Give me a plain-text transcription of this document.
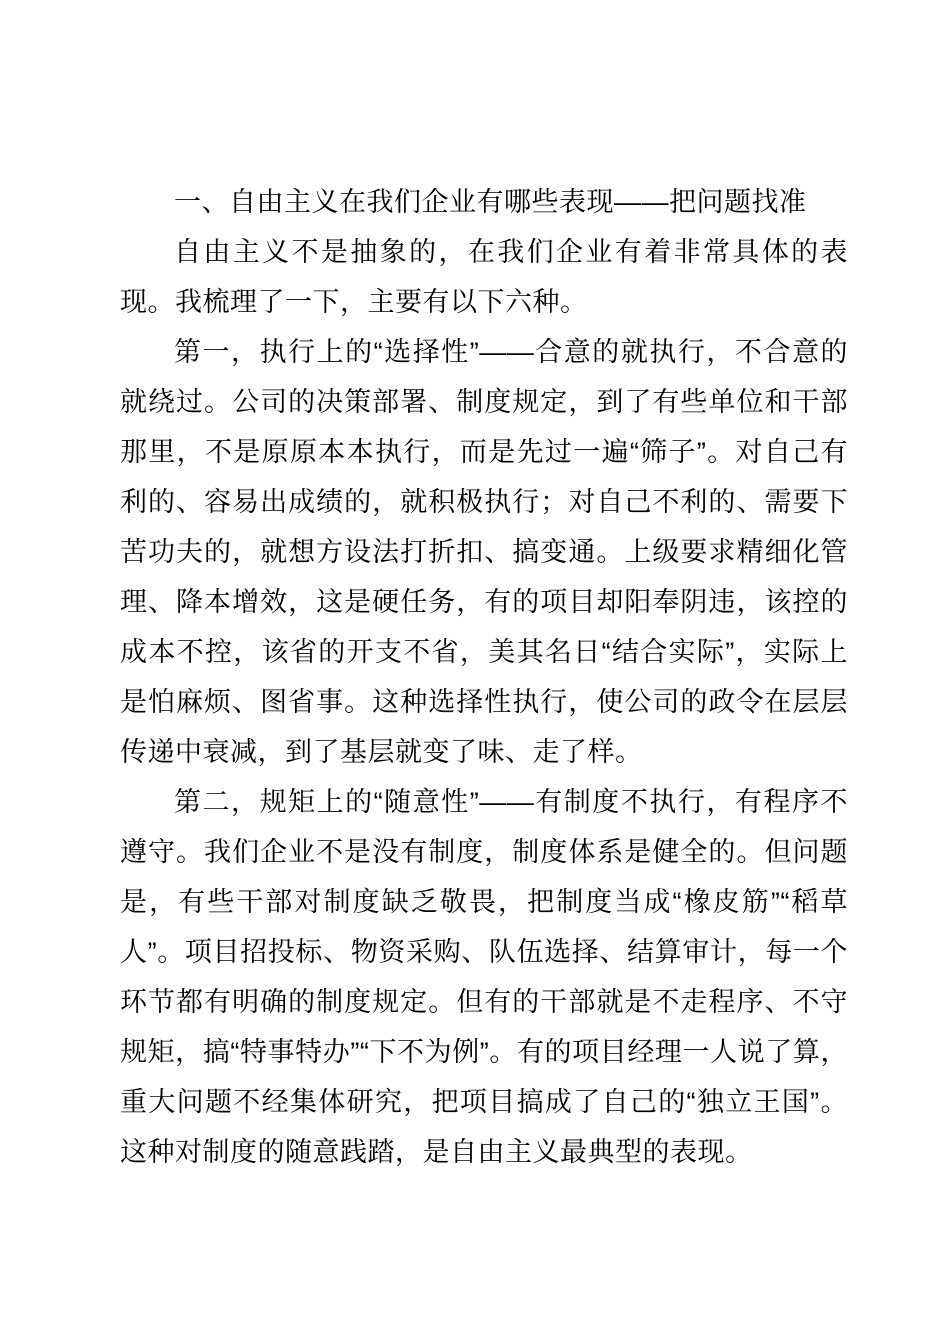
一、自由主义在我们企业有哪些表现——把问题找准

自由主义不是抽象的，在我们企业有着非常具体的表现。我梳理了一下，主要有以下六种。

第一，执行上的“选择性”——合意的就执行，不合意的就绕过。公司的决策部署、制度规定，到了有些单位和干部那里，不是原原本本执行，而是先过一遍“筛子”。对自己有利的、容易出成绩的，就积极执行；对自己不利的、需要下苦功夫的，就想方设法打折扣、搞变通。上级要求精细化管理、降本增效，这是硬任务，有的项目却阳奉阴违，该控的成本不控，该省的开支不省，美其名日“结合实际”，实际上是怕麻烦、图省事。这种选择性执行，使公司的政令在层层传递中衰减，到了基层就变了味、走了样。

第二，规矩上的“随意性”——有制度不执行，有程序不遵守。我们企业不是没有制度，制度体系是健全的。但问题是，有些干部对制度缺乏敬畏，把制度当成“橡皮筋”“稻草人”。项目招投标、物资采购、队伍选择、结算审计，每一个环节都有明确的制度规定。但有的干部就是不走程序、不守规矩，搞“特事特办”“下不为例”。有的项目经理一人说了算，重大问题不经集体研究，把项目搞成了自己的“独立王国”。这种对制度的随意践踏，是自由主义最典型的表现。
